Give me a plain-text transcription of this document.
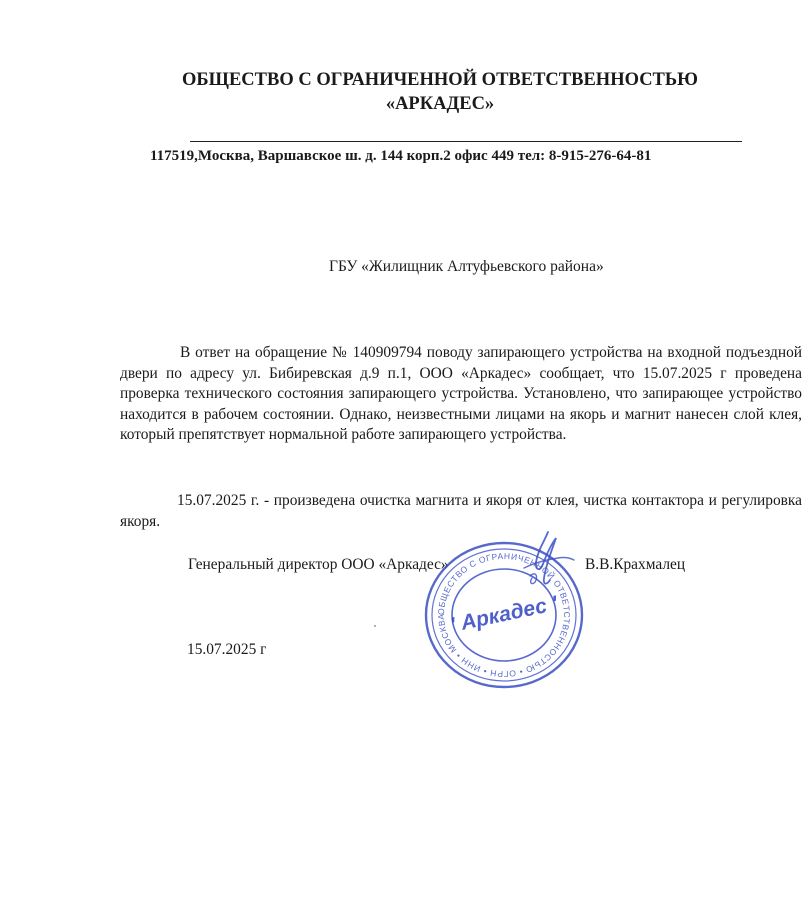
ОБЩЕСТВО С ОГРАНИЧЕННОЙ ОТВЕТСТВЕННОСТЬЮ
«АРКАДЕС»
117519,Москва, Варшавское ш. д. 144 корп.2 офис 449 тел: 8-915-276-64-81
ГБУ «Жилищник Алтуфьевского района»

В ответ на обращение № 140909794 поводу запирающего устройства на входной подъездной двери по адресу ул. Бибиревская д.9 п.1, ООО «Аркадес» сообщает, что 15.07.2025 г проведена проверка технического состояния запирающего устройства. Установлено, что запирающее устройство находится в рабочем состоянии. Однако, неизвестными лицами на якорь и магнит нанесен слой клея, который препятствует нормальной работе запирающего устройства.

15.07.2025 г. - произведена очистка магнита и якоря от клея, чистка контактора и регулировка якоря.

Генеральный директор ООО «Аркадес»	В.В.Крахмалец
15.07.2025 г
ОБЩЕСТВО С ОГРАНИЧЕННОЙ ОТВЕТСТВЕННОСТЬЮ • ОГРН • ИНН • МОСКВА ' Аркадес '
